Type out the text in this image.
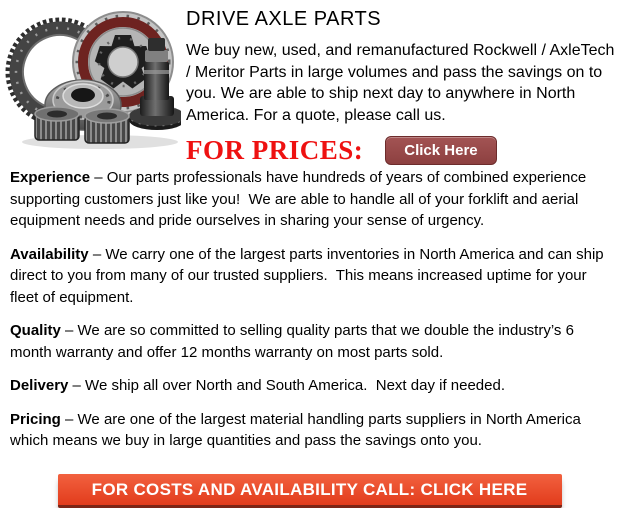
DRIVE AXLE PARTS

We buy new, used, and remanufactured Rockwell / AxleTech / Meritor Parts in large volumes and pass the savings on to you. We are able to ship next day to anywhere in North America. For a quote, please call us.

FOR PRICES:	Click Here

Experience – Our parts professionals have hundreds of years of combined experience supporting customers just like you!  We are able to handle all of your forklift and aerial equipment needs and pride ourselves in sharing your sense of urgency.

Availability – We carry one of the largest parts inventories in North America and can ship direct to you from many of our trusted suppliers.  This means increased uptime for your fleet of equipment.

Quality – We are so committed to selling quality parts that we double the industry’s 6 month warranty and offer 12 months warranty on most parts sold.

Delivery – We ship all over North and South America.  Next day if needed.

Pricing – We are one of the largest material handling parts suppliers in North America which means we buy in large quantities and pass the savings onto you.

FOR COSTS AND AVAILABILITY CALL: CLICK HERE
